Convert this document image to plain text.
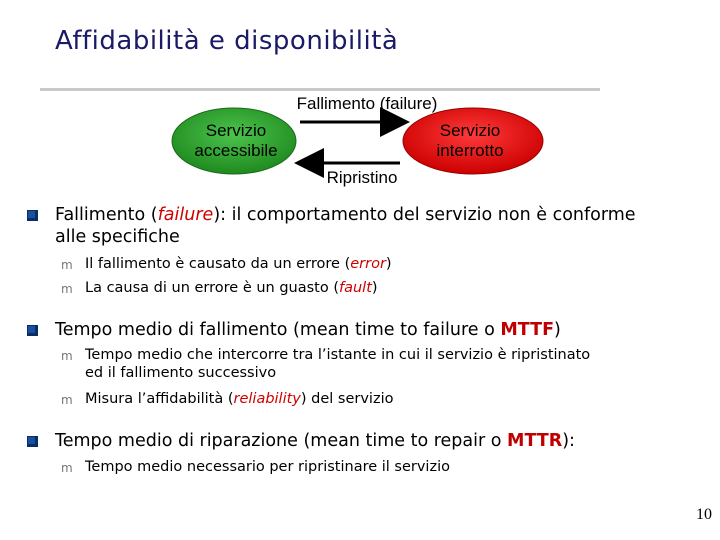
Affidabilità e disponibilità
Fallimento (failure)
Servizio
accessibile
Servizio
interrotto
Ripristino
Fallimento (failure): il comportamento del servizio non è conforme
alle specifiche
m Il fallimento è causato da un errore (error)
m La causa di un errore è un guasto (fault)
Tempo medio di fallimento (mean time to failure o MTTF)
m Tempo medio che intercorre tra l’istante in cui il servizio è ripristinato
ed il fallimento successivo
m Misura l’affidabilità (reliability) del servizio
Tempo medio di riparazione (mean time to repair o MTTR):
m Tempo medio necessario per ripristinare il servizio
10
